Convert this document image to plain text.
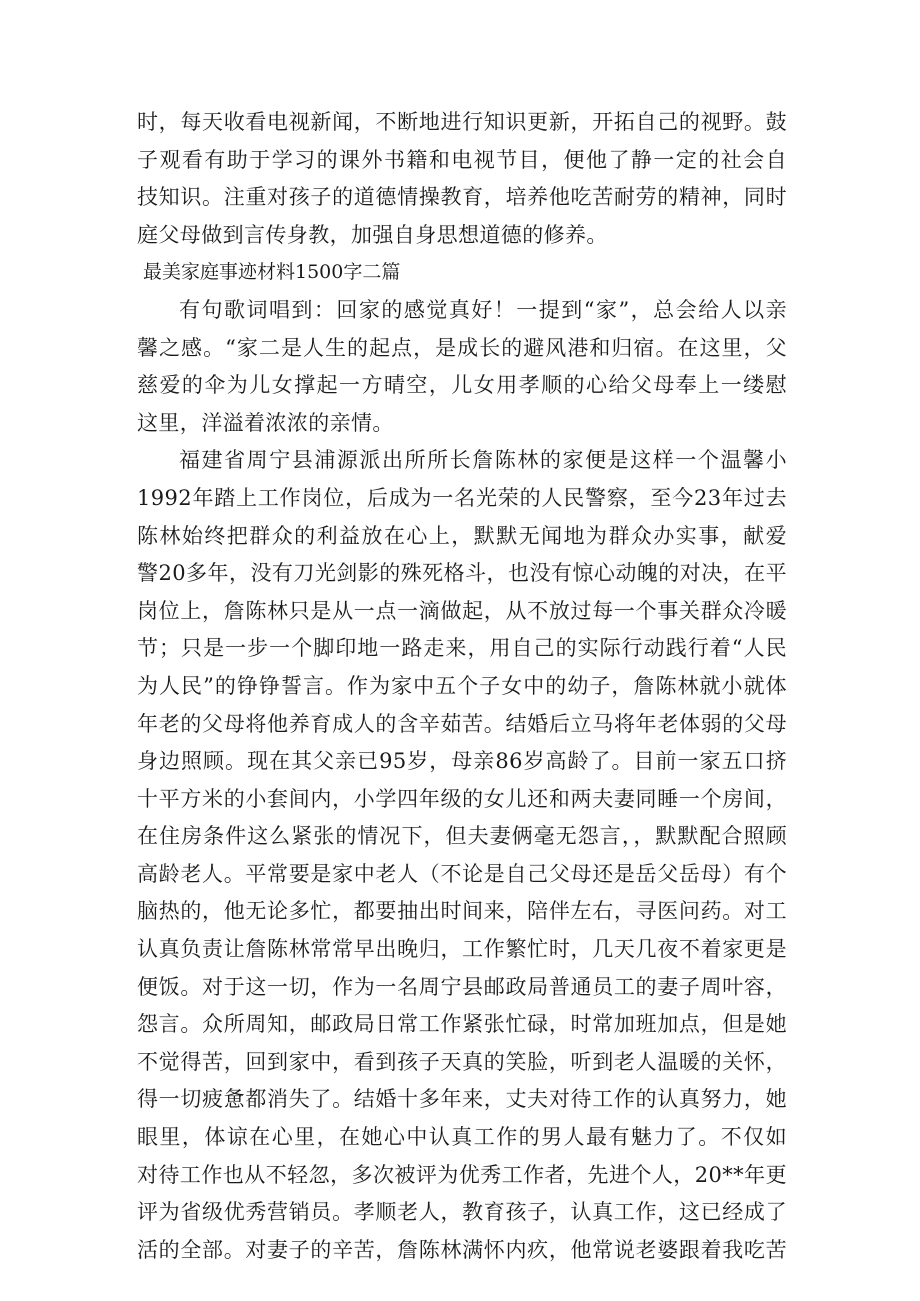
时，每天收看电视新闻，不断地进行知识更新，开拓自己的视野。鼓
子观看有助于学习的课外书籍和电视节目，便他了静一定的社会自
技知识。注重对孩子的道德情操教育，培养他吃苦耐劳的精神，同时
庭父母做到言传身教，加强自身思想道德的修养。
最美家庭事迹材料1500字二篇
有句歌词唱到：回家的感觉真好！一提到“家”，总会给人以亲
馨之感。“家二是人生的起点，是成长的避风港和归宿。在这里，父
慈爱的伞为儿女撑起一方晴空，儿女用孝顺的心给父母奉上一缕慰
这里，洋溢着浓浓的亲情。
福建省周宁县浦源派出所所长詹陈林的家便是这样一个温馨小
1992年踏上工作岗位，后成为一名光荣的人民警察，至今23年过去
陈林始终把群众的利益放在心上，默默无闻地为群众办实事，献爱
警20多年，没有刀光剑影的殊死格斗，也没有惊心动魄的对决，在平
岗位上，詹陈林只是从一点一滴做起，从不放过每一个事关群众冷暖
节；只是一步一个脚印地一路走来，用自己的实际行动践行着“人民
为人民”的铮铮誓言。作为家中五个子女中的幼子，詹陈林就小就体
年老的父母将他养育成人的含辛茹苦。结婚后立马将年老体弱的父母
身边照顾。现在其父亲已95岁，母亲86岁高龄了。目前一家五口挤
十平方米的小套间内，小学四年级的女儿还和两夫妻同睡一个房间，
在住房条件这么紧张的情况下，但夫妻俩毫无怨言，，默默配合照顾
高龄老人。平常要是家中老人（不论是自己父母还是岳父岳母）有个
脑热的，他无论多忙，都要抽出时间来，陪伴左右，寻医问药。对工
认真负责让詹陈林常常早出晚归，工作繁忙时，几天几夜不着家更是
便饭。对于这一切，作为一名周宁县邮政局普通员工的妻子周叶容，
怨言。众所周知，邮政局日常工作紧张忙碌，时常加班加点，但是她
不觉得苦，回到家中，看到孩子天真的笑脸，听到老人温暖的关怀，
得一切疲惫都消失了。结婚十多年来，丈夫对待工作的认真努力，她
眼里，体谅在心里，在她心中认真工作的男人最有魅力了。不仅如
对待工作也从不轻忽，多次被评为优秀工作者，先进个人，20**年更
评为省级优秀营销员。孝顺老人，教育孩子，认真工作，这已经成了
活的全部。对妻子的辛苦，詹陈林满怀内疚，他常说老婆跟着我吃苦
